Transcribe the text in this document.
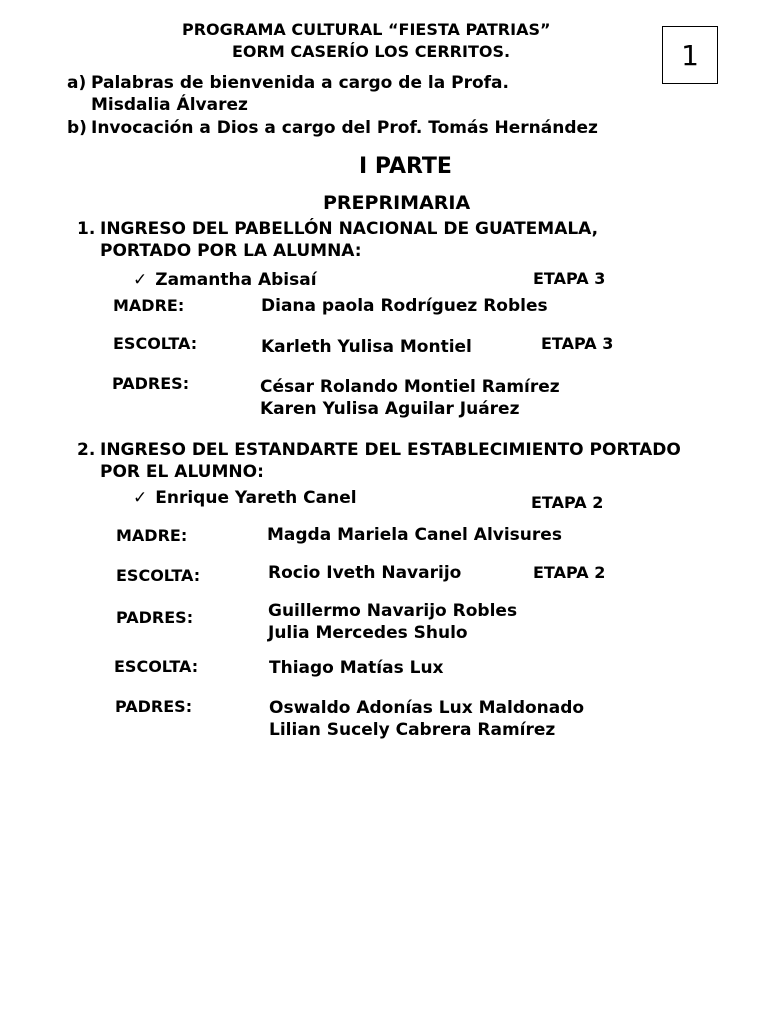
PROGRAMA CULTURAL “FIESTA PATRIAS”
EORM CASERÍO LOS CERRITOS.	1
a) Palabras de bienvenida a cargo de la Profa.
Misdalia Álvarez
b) Invocación a Dios a cargo del Prof. Tomás Hernández
I PARTE
PREPRIMARIA
1. INGRESO DEL PABELLÓN NACIONAL DE GUATEMALA,
PORTADO POR LA ALUMNA:
✓ Zamantha Abisaí	ETAPA 3
MADRE:	Diana paola Rodríguez Robles
ESCOLTA:	Karleth Yulisa Montiel	ETAPA 3
PADRES:	César Rolando Montiel Ramírez
Karen Yulisa Aguilar Juárez
2. INGRESO DEL ESTANDARTE DEL ESTABLECIMIENTO PORTADO
POR EL ALUMNO:
✓ Enrique Yareth Canel	ETAPA 2
MADRE:	Magda Mariela Canel Alvisures
ESCOLTA:	Rocio Iveth Navarijo	ETAPA 2
PADRES:	Guillermo Navarijo Robles
Julia Mercedes Shulo
ESCOLTA:	Thiago Matías Lux
PADRES:	Oswaldo Adonías Lux Maldonado
Lilian Sucely Cabrera Ramírez
